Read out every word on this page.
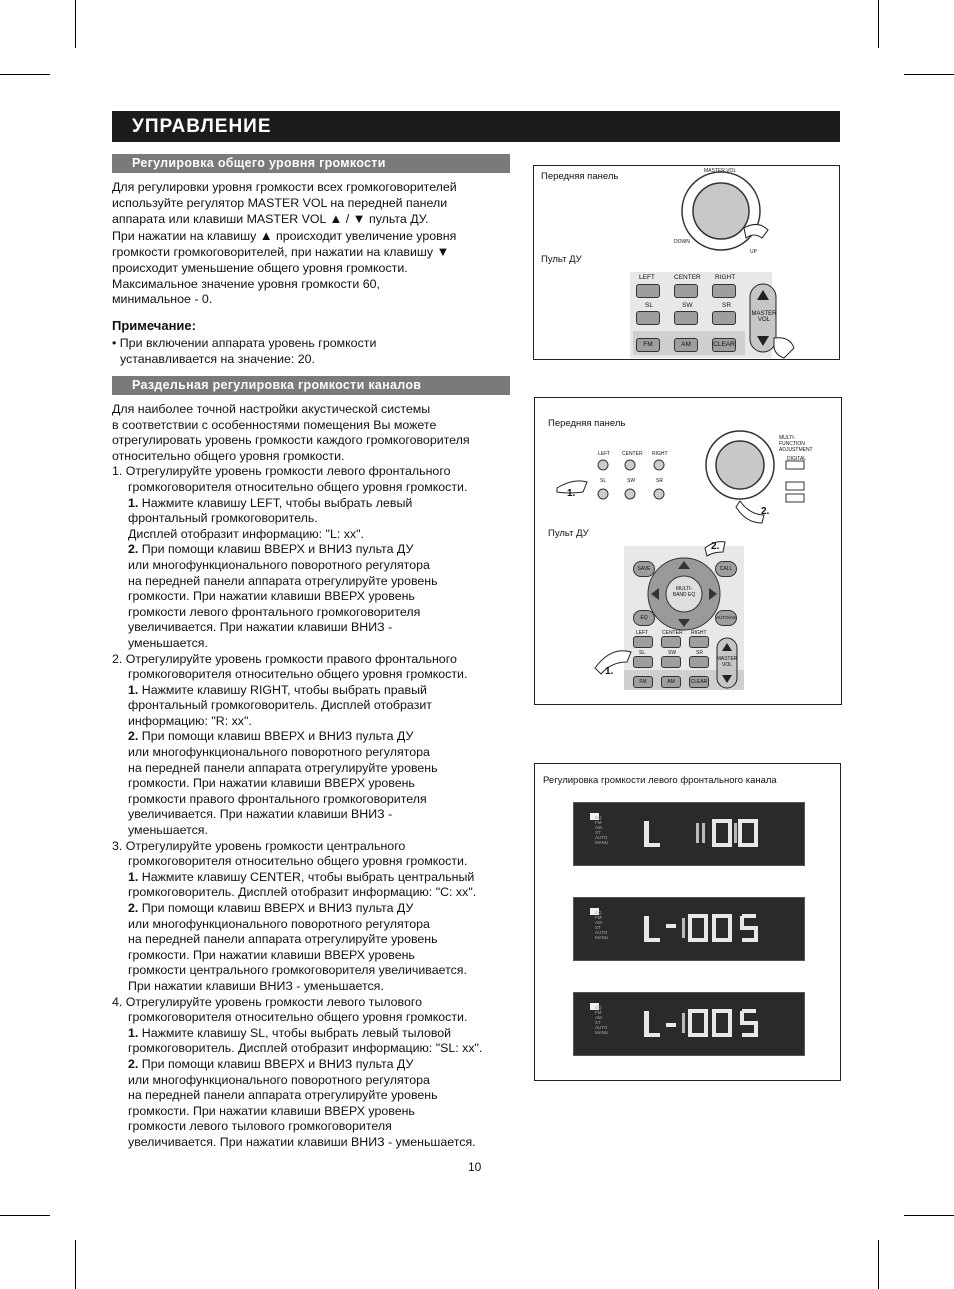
УПРАВЛЕНИЕ
Регулировка общего уровня громкости

Для регулировки уровня громкости всех громкоговорителей

используйте регулятор MASTER VOL на передней панели

аппарата или клавиши MASTER VOL ▲ / ▼ пульта ДУ.

При нажатии на клавишу ▲ происходит увеличение уровня

громкости громкоговорителей, при нажатии на клавишу ▼

происходит уменьшение общего уровня громкости.

Максимальное значение уровня громкости 60,

минимальное - 0.

Примечание:

• При включении аппарата уровень громкости

устанавливается на значение: 20.

Раздельная регулировка громкости каналов

Для наиболее точной настройки акустической системы

в соответствии с особенностями помещения Вы можете

отрегулировать уровень громкости каждого громкоговорителя

относительно общего уровня громкости.

1. Отрегулируйте уровень громкости левого фронтального

громкоговорителя относительно общего уровня громкости.

1. Нажмите клавишу LEFT, чтобы выбрать левый

фронтальный громкоговоритель.

Дисплей отобразит информацию: "L: xx".

2. При помощи клавиш ВВЕРХ и ВНИЗ пульта ДУ

или многофункционального поворотного регулятора

на передней панели аппарата отрегулируйте уровень

громкости. При нажатии клавиши ВВЕРХ уровень

громкости левого фронтального громкоговорителя

увеличивается. При нажатии клавиши ВНИЗ -

уменьшается.

2. Отрегулируйте уровень громкости правого фронтального

громкоговорителя относительно общего уровня громкости.

1. Нажмите клавишу RIGHT, чтобы выбрать правый

фронтальный громкоговоритель. Дисплей отобразит

информацию: "R: xx".

2. При помощи клавиш ВВЕРХ и ВНИЗ пульта ДУ

или многофункционального поворотного регулятора

на передней панели аппарата отрегулируйте уровень

громкости. При нажатии клавиши ВВЕРХ уровень

громкости правого фронтального громкоговорителя

увеличивается. При нажатии клавиши ВНИЗ -

уменьшается.

3. Отрегулируйте уровень громкости центрального

громкоговорителя относительно общего уровня громкости.

1. Нажмите клавишу CENTER, чтобы выбрать центральный

громкоговоритель. Дисплей отобразит информацию: "C: xx".

2. При помощи клавиш ВВЕРХ и ВНИЗ пульта ДУ

или многофункционального поворотного регулятора

на передней панели аппарата отрегулируйте уровень

громкости. При нажатии клавиши ВВЕРХ уровень

громкости центрального громкоговорителя увеличивается.

При нажатии клавиши ВНИЗ - уменьшается.

4. Отрегулируйте уровень громкости левого тылового

громкоговорителя относительно общего уровня громкости.

1. Нажмите клавишу SL, чтобы выбрать левый тыловой

громкоговоритель. Дисплей отобразит информацию: "SL: xx".

2. При помощи клавиш ВВЕРХ и ВНИЗ пульта ДУ

или многофункционального поворотного регулятора

на передней панели аппарата отрегулируйте уровень

громкости. При нажатии клавиши ВВЕРХ уровень

громкости левого тылового громкоговорителя

увеличивается. При нажатии клавиши ВНИЗ - уменьшается.

Передняя панель
Пульт ДУ
MASTER VOL
DOWN
UP
LEFT	CENTER RIGHT
SL	SW	SR
FM	AM	CLEAR
MASTER VOL
Передняя панель
Пульт ДУ
LEFT CENTER RIGHT
SL	SW	SR
MULTI-FUNCTION ADJUSTMENT
DIGITAL
1.
2.
2.
1.
SAVE	CALL
EQ	AUTO/AS
MULTI-BAND EQ
LEFT	CENTER RIGHT
SL	SW	SR
FM	AM	CLEAR
MASTER VOL
Регулировка громкости левого фронтального канала
EQ
FM
AM
ST
AUTO
MANU
EQ
FM
AM
ST
AUTO
MANU
EQ
FM
AM
ST
AUTO
MANU
10
